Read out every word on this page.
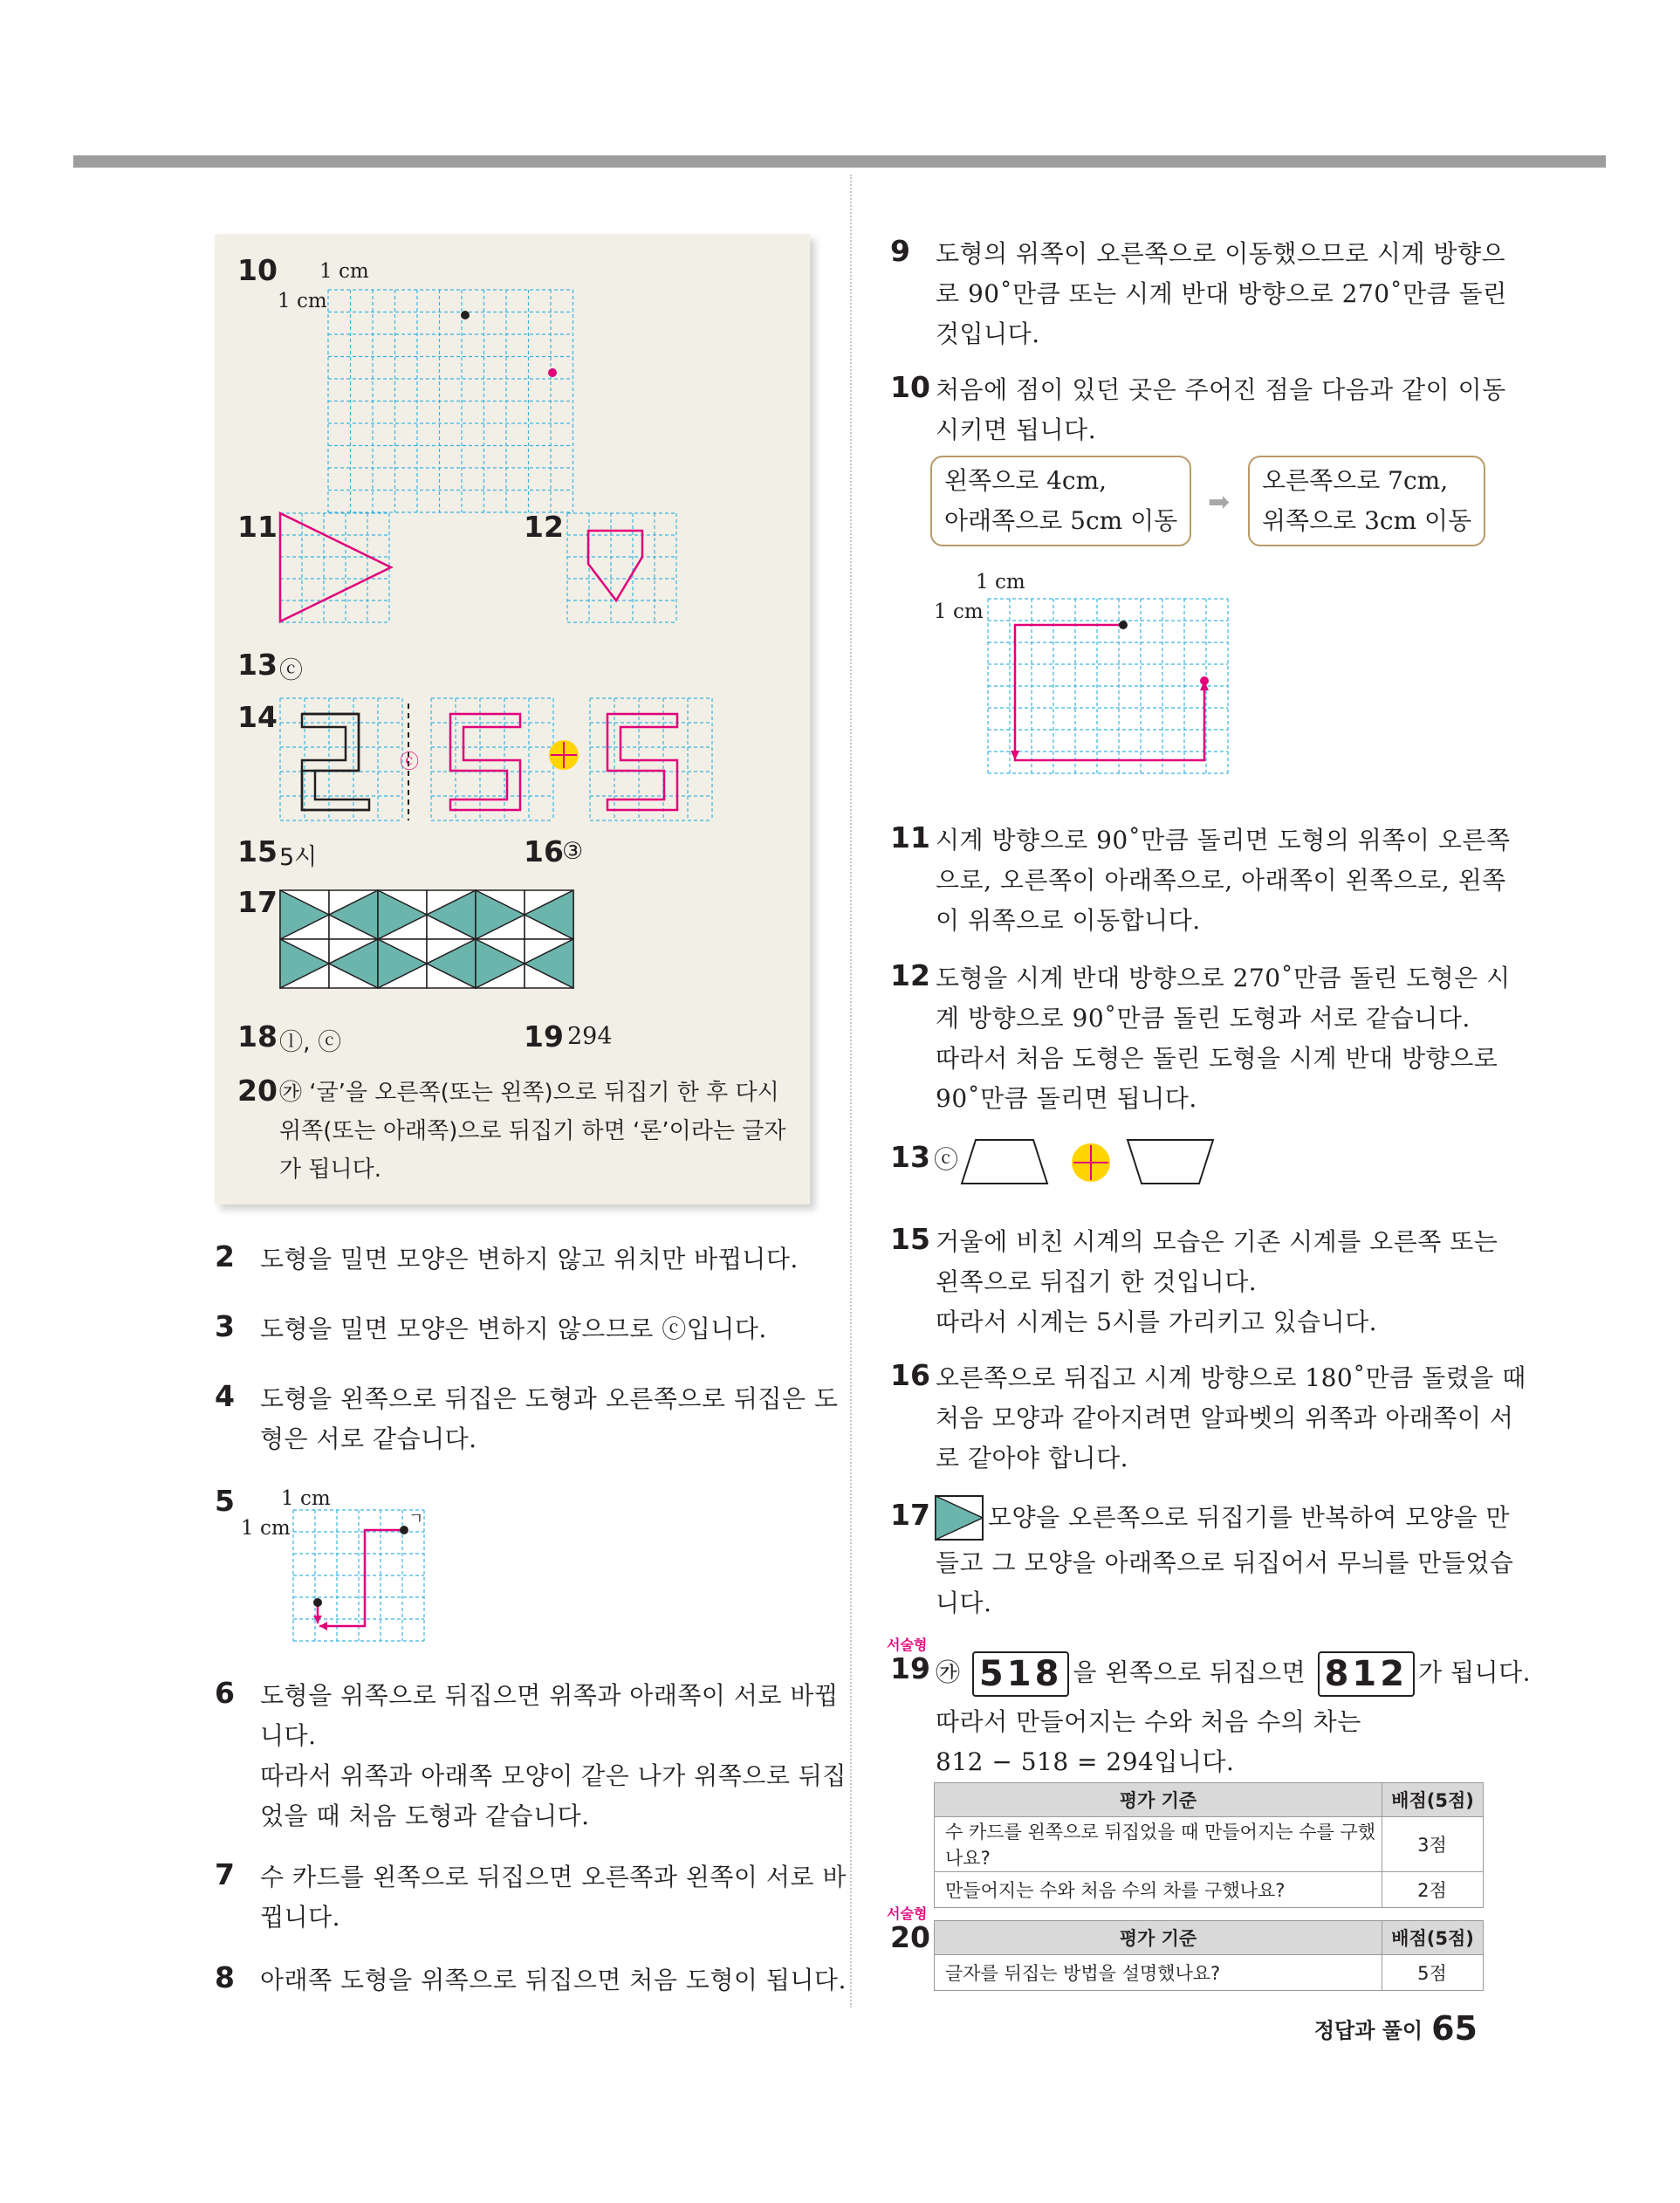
10 1 cm
1 cm
11	12
13 ⓒ
14
ⓒ
15 5시	16
③
17
18 ⓛ, ⓒ	19 294
20 ㉮ ‘굴’을 오른쪽(또는 왼쪽)으로 뒤집기 한 후 다시
위쪽(또는 아래쪽)으로 뒤집기 하면 ‘론’이라는 글자
가 됩니다.
2 도형을 밀면 모양은 변하지 않고 위치만 바뀝니다.
3 도형을 밀면 모양은 변하지 않으므로 ⓒ입니다.
4 도형을 왼쪽으로 뒤집은 도형과 오른쪽으로 뒤집은 도
형은 서로 같습니다.
5 1 cm
1 cm	ㄱ
6 도형을 위쪽으로 뒤집으면 위쪽과 아래쪽이 서로 바뀝
니다.
따라서 위쪽과 아래쪽 모양이 같은 나가 위쪽으로 뒤집
었을 때 처음 도형과 같습니다.
7 수 카드를 왼쪽으로 뒤집으면 오른쪽과 왼쪽이 서로 바
뀝니다.
8 아래쪽 도형을 위쪽으로 뒤집으면 처음 도형이 됩니다.
9 도형의 위쪽이 오른쪽으로 이동했으므로 시계 방향으
로 90˚만큼 또는 시계 반대 방향으로 270˚만큼 돌린
것입니다.
10 처음에 점이 있던 곳은 주어진 점을 다음과 같이 이동
시키면 됩니다.
왼쪽으로 4cm,
아래쪽으로 5cm 이동
➡
오른쪽으로 7cm,
위쪽으로 3cm 이동
1 cm
1 cm
11 시계 방향으로 90˚만큼 돌리면 도형의 위쪽이 오른쪽
으로, 오른쪽이 아래쪽으로, 아래쪽이 왼쪽으로, 왼쪽
이 위쪽으로 이동합니다.
12 도형을 시계 반대 방향으로 270˚만큼 돌린 도형은 시
계 방향으로 90˚만큼 돌린 도형과 서로 같습니다.
따라서 처음 도형은 돌린 도형을 시계 반대 방향으로
90˚만큼 돌리면 됩니다.
13 ⓒ
15 거울에 비친 시계의 모습은 기존 시계를 오른쪽 또는
왼쪽으로 뒤집기 한 것입니다.
따라서 시계는 5시를 가리키고 있습니다.
16 오른쪽으로 뒤집고 시계 방향으로 180˚만큼 돌렸을 때
처음 모양과 같아지려면 알파벳의 위쪽과 아래쪽이 서
로 같아야 합니다.
17 모양을 오른쪽으로 뒤집기를 반복하여 모양을 만
들고 그 모양을 아래쪽으로 뒤집어서 무늬를 만들었습
니다.
서술형
19 ㉮ 518 을 왼쪽으로 뒤집으면 812 가 됩니다.
따라서 만들어지는 수와 처음 수의 차는
812 − 518 = 294입니다.
평가 기준	배점(5점)
수 카드를 왼쪽으로 뒤집었을 때 만들어지는 수를 구했나요?	3점
만들어지는 수와 처음 수의 차를 구했나요?	2점
서술형
20	평가 기준	배점(5점)
글자를 뒤집는 방법을 설명했나요?	5점
정답과 풀이 65
